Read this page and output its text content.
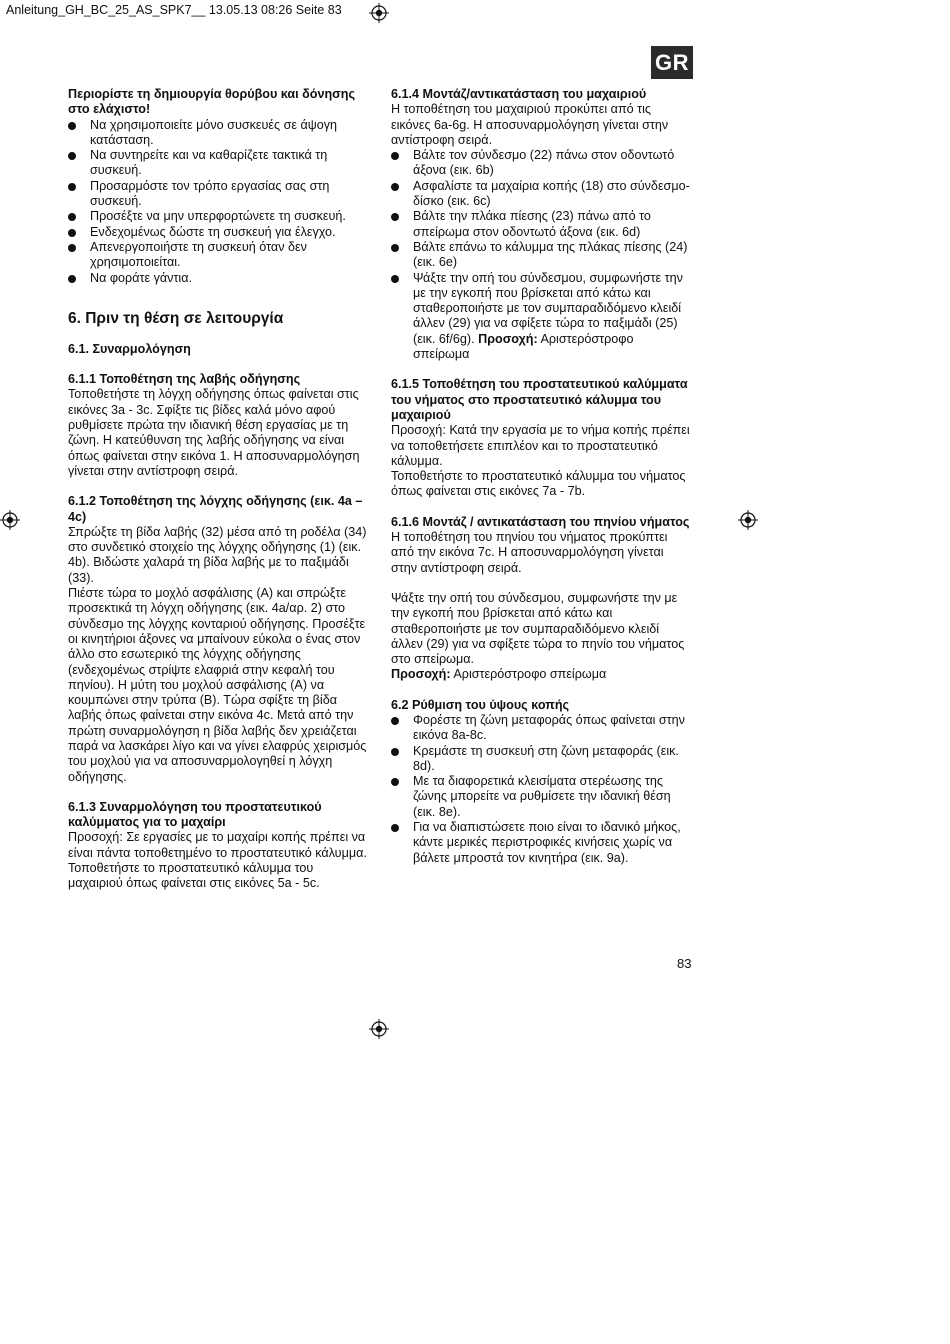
Anleitung_GH_BC_25_AS_SPK7__ 13.05.13 08:26 Seite 83
GR

Περιορίστε τη δημιουργία θορύβου και δόνησης στο ελάχιστο!

Να χρησιμοποιείτε μόνο συσκευές σε άψογη κατάσταση.
Να συντηρείτε και να καθαρίζετε τακτικά τη συσκευή.
Προσαρμόστε τον τρόπο εργασίας σας στη συσκευή.
Προσέξτε να μην υπερφορτώνετε τη συσκευή.
Ενδεχομένως δώστε τη συσκευή για έλεγχο.
Απενεργοποιήστε τη συσκευή όταν δεν χρησιμοποιείται.
Να φοράτε γάντια.

6. Πριν τη θέση σε λειτουργία

6.1. Συναρμολόγηση

6.1.1 Τοποθέτηση της λαβής οδήγησης

Τοποθετήστε τη λόγχη οδήγησης όπως φαίνεται στις εικόνες 3a - 3c. Σφίξτε τις βίδες καλά μόνο αφού ρυθμίσετε πρώτα την ιδιανική θέση εργασίας με τη ζώνη. Η κατεύθυνση της λαβής οδήγησης να είναι όπως φαίνεται στην εικόνα 1. Η αποσυναρμολόγηση γίνεται στην αντίστροφη σειρά.

6.1.2 Τοποθέτηση της λόγχης οδήγησης (εικ. 4a – 4c)

Σπρώξτε τη βίδα λαβής (32) μέσα από τη ροδέλα (34) στο συνδετικό στοιχείο της λόγχης οδήγησης (1) (εικ. 4b). Βιδώστε χαλαρά τη βίδα λαβής με το παξιμάδι (33).

Πιέστε τώρα το μοχλό ασφάλισης (A) και σπρώξτε προσεκτικά τη λόγχη οδήγησης (εικ. 4a/αρ. 2) στο σύνδεσμο της λόγχης κονταριού οδήγησης. Προσέξτε οι κινητήριοι άξονες να μπαίνουν εύκολα ο ένας στον άλλο στο εσωτερικό της λόγχης οδήγησης (ενδεχομένως στρίψτε ελαφριά στην κεφαλή του πηνίου). Η μύτη του μοχλού ασφάλισης (A) να κουμπώνει στην τρύπα (B). Τώρα σφίξτε τη βίδα λαβής όπως φαίνεται στην εικόνα 4c. Μετά από την πρώτη συναρμολόγηση η βίδα λαβής δεν χρειάζεται παρά να λασκάρει λίγο και να γίνει ελαφρύς χειρισμός του μοχλού για να αποσυναρμολογηθεί η λόγχη οδήγησης.

6.1.3 Συναρμολόγηση του προστατευτικού καλύμματος για το μαχαίρι

Προσοχή: Σε εργασίες με το μαχαίρι κοπής πρέπει να είναι πάντα τοποθετημένο το προστατευτικό κάλυμμα. Τοποθετήστε το προστατευτικό κάλυμμα του μαχαιριού όπως φαίνεται στις εικόνες 5a - 5c.

6.1.4 Μοντάζ/αντικατάσταση του μαχαιριού

Η τοποθέτηση του μαχαιριού προκύπει από τις εικόνες 6a-6g. Η αποσυναρμολόγηση γίνεται στην αντίστροφη σειρά.

Βάλτε τον σύνδεσμο (22) πάνω στον οδοντωτό άξονα (εικ. 6b)
Ασφαλίστε τα μαχαίρια κοπής (18) στο σύνδεσμο-δίσκο (εικ. 6c)
Βάλτε την πλάκα πίεσης (23) πάνω από το σπείρωμα στον οδοντωτό άξονα (εικ. 6d)
Βάλτε επάνω το κάλυμμα της πλάκας πίεσης (24) (εικ. 6e)
Ψάξτε την οπή του σύνδεσμου, συμφωνήστε την με την εγκοπή που βρίσκεται από κάτω και σταθεροποιήστε με τον συμπαραδιδόμενο κλειδί άλλεν (29) για να σφίξετε τώρα το παξιμάδι (25) (εικ. 6f/6g). Προσοχή: Αριστερόστροφο σπείρωμα

6.1.5 Τοποθέτηση του προστατευτικού καλύμματα του νήματος στο προστατευτικό κάλυμμα του μαχαιριού

Προσοχή: Κατά την εργασία με το νήμα κοπής πρέπει να τοποθετήσετε επιπλέον και το προστατευτικό κάλυμμα.

Τοποθετήστε το προστατευτικό κάλυμμα του νήματος όπως φαίνεται στις εικόνες 7a - 7b.

6.1.6 Μοντάζ / αντικατάσταση του πηνίου νήματος

Η τοποθέτηση του πηνίου του νήματος προκύπτει από την εικόνα 7c. Η αποσυναρμολόγηση γίνεται στην αντίστροφη σειρά.

Ψάξτε την οπή του σύνδεσμου, συμφωνήστε την με την εγκοπή που βρίσκεται από κάτω και σταθεροποιήστε με τον συμπαραδιδόμενο κλειδί άλλεν (29) για να σφίξετε τώρα το πηνίο του νήματος στο σπείρωμα.

Προσοχή: Αριστερόστροφο σπείρωμα

6.2 Ρύθμιση του ύψους κοπής

Φορέστε τη ζώνη μεταφοράς όπως φαίνεται στην εικόνα 8a-8c.
Κρεμάστε τη συσκευή στη ζώνη μεταφοράς (εικ. 8d).
Με τα διαφορετικά κλεισίματα στερέωσης της ζώνης μπορείτε να ρυθμίσετε την ιδανική θέση (εικ. 8e).
Για να διαπιστώσετε ποιο είναι το ιδανικό μήκος, κάντε μερικές περιστροφικές κινήσεις χωρίς να βάλετε μπροστά τον κινητήρα (εικ. 9a).
83
